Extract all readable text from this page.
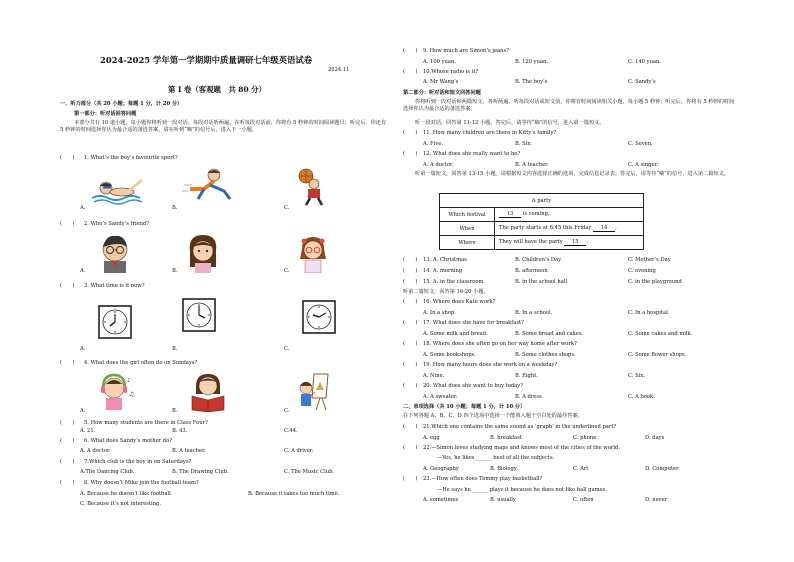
2024-2025 学年第一学期期中质量调研七年级英语试卷
2024.11
第 I 卷（客观题　共 80 分）
一、听力部分（共 20 小题；每题 1 分，计 20 分）
第一部分：听对话回答问题
本部分共有 10 道小题，每小题你将听到一段对话，每段对话听两遍。在听每段对话前，你将有 5 秒钟的时间阅读题目；听完后，你还有 5 秒钟的时间选择你认为最合适的备选答案。请在听到“嘀”的信号后，进入下一小题。
(　　) 1. What’s the boy’s favourite sport?
A.	B.	C.
(　　) 2. Who’s Sandy’s friend?
A.	B.	C.
(　　) 3. What time is it now?
A.	B.	C.
(　　) 4. What does the girl often do on Sundays?
A.	B.	C.
♪
♫
(　　) 5. How many students are there in Class Four?
A. 21.	B. 43.	C.44.
(　　) 6. What does Sandy’s mother do?
A. A doctor.	B. A teacher.	C. A driver.
(　　) 7.Which club is the boy in on Saturdays?
A.The Dancing Club.	B. The Drawing Club.	C. The Music Club.
(　　) 8. Why doesn’t Mike join the football team?
A. Because he doesn’t like football.	B. Because it takes too much time.
C. Because it’s not interesting.
(　　) 9. How much are Simon’s jeans?
A. 100 yuan.	B. 120 yuan.	C. 140 yuan.
(　　) 10.Whose radio is it?
A. Mr Wang’s	B. The boy’s	C. Sandy’s
第二部分：听对话和短文回答问题
你将听到一段对话和两篇短文，各听两遍。听每段对话或短文前，你将有时间阅读相关小题，每小题 5 秒钟；听完后，你将有 5 秒钟的时间选择你认为最合适的备选答案。
听一段对话，回答第 11-12 小题。答完后，请等待“嘀”的信号，进入第一篇短文。
(　　) 11. How many children are there in Kitty’s family?
A. Five.	B. Six.	C. Seven.
(　　) 12. What does she really want to be?
A. A doctor.	B. A teacher.	C. A singer.
听第一篇短文，回答第 13-15 小题。请根据短文内容选择正确的选项，完成信息记录表。答完后，请等待“嘀”的信号，进入第二篇短文。
A party	
Which festival	13 is coming.
When	The party starts at 6:45 this Friday 14 .
Where	They will have the party 15 .
(　　) 13. A. Christmas	B. Children’s Day	C. Mother’s Day
(　　) 14. A. morning	B. afternoon	C. evening
(　　) 15. A. in the classroom	B. in the school hall	C. in the playground
听第二篇短文，回答第 16-20 小题。
(　　) 16. Where does Kate work?
A. In a shop.	B. In a school.	C. In a hospital.
(　　) 17. What does she have for breakfast?
A. Some milk and bread.	B. Some bread and cakes.	C. Some cakes and milk.
(　　) 18. Where does she often go on her way home after work?
A. Some bookshops.	B. Some clothes shops.	C. Some flower shops.
(　　) 19. How many hours does she work on a weekday?
A. Nine.	B. Eight.	C. Six.
(　　) 20. What does she want to buy today?
A. A sweater.	B. A dress.	C. A book.
二、单项选择（共 10 小题；每题 1 分，计 10 分）
在下列各题 A、B、C、D 四个选项中选择一个能填入题干空白处的最佳答案。
(　　) 21.Which one contains the same sound as ‘graph’ in the underlined part?
A. egg	B. breakfast	C. phone	D. days
(　　) 22.—Simon loves studying maps and knows most of the cities of the world.
—Yes, he likes ______ best of all the subjects.
A. Geography	B. Biology	C. Art	D. Computer
(　　) 23.—How often does Tommy play basketball?
—He says he ______ plays it because he does not like ball games.
A. sometimes	B. usually	C. often	D. never
